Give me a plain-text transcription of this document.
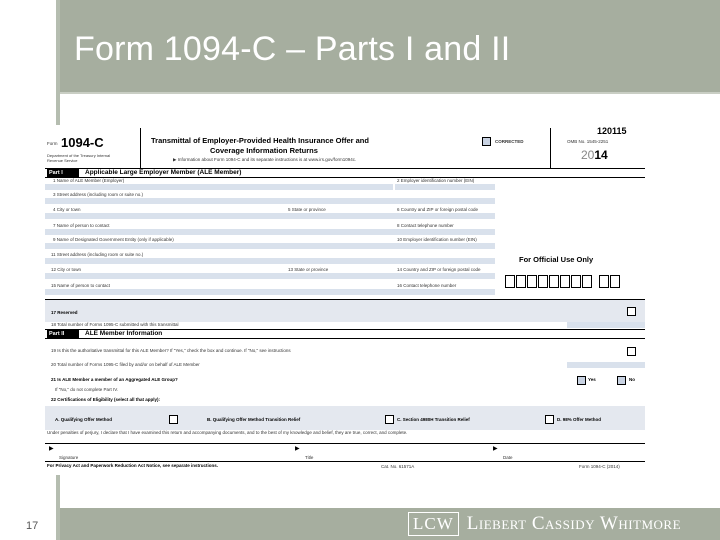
Form 1094-C – Parts I and II
Form 1094-C
Department of the Treasury Internal Revenue Service
Transmittal of Employer-Provided Health Insurance Offer and
Coverage Information Returns
▶ Information about Form 1094-C and its separate instructions is at www.irs.gov/form1094c.
CORRECTED
120115
OMB No. 1545-2251
2014
Part I	Applicable Large Employer Member (ALE Member)
1 Name of ALE Member (Employer)	2 Employer identification number (EIN)
3 Street address (including room or suite no.)
4 City or town	5 State or province	6 Country and ZIP or foreign postal code
7 Name of person to contact	8 Contact telephone number
9 Name of Designated Government Entity (only if applicable)	10 Employer identification number (EIN)
11 Street address (including room or suite no.)
12 City or town	13 State or province	14 Country and ZIP or foreign postal code
15 Name of person to contact	16 Contact telephone number
For Official Use Only
17 Reserved
18 Total number of Forms 1095-C submitted with this transmittal
Part II	ALE Member Information
19 Is this the authoritative transmittal for this ALE Member? If "Yes," check the box and continue. If "No," see instructions
20 Total number of Forms 1095-C filed by and/or on behalf of ALE Member
21 Is ALE Member a member of an Aggregated ALE Group?	Yes	No
If "No," do not complete Part IV.
22 Certifications of Eligibility (select all that apply):
A. Qualifying Offer Method	B. Qualifying Offer Method Transition Relief	C. Section 4980H Transition Relief	D. 98% Offer Method
Under penalties of perjury, I declare that I have examined this return and accompanying documents, and to the best of my knowledge and belief, they are true, correct, and complete.
▶
Signature
▶
Title
▶
Date
For Privacy Act and Paperwork Reduction Act Notice, see separate instructions.	Cat. No. 61571A	Form 1094-C (2014)
17	LCW Liebert Cassidy Whitmore
